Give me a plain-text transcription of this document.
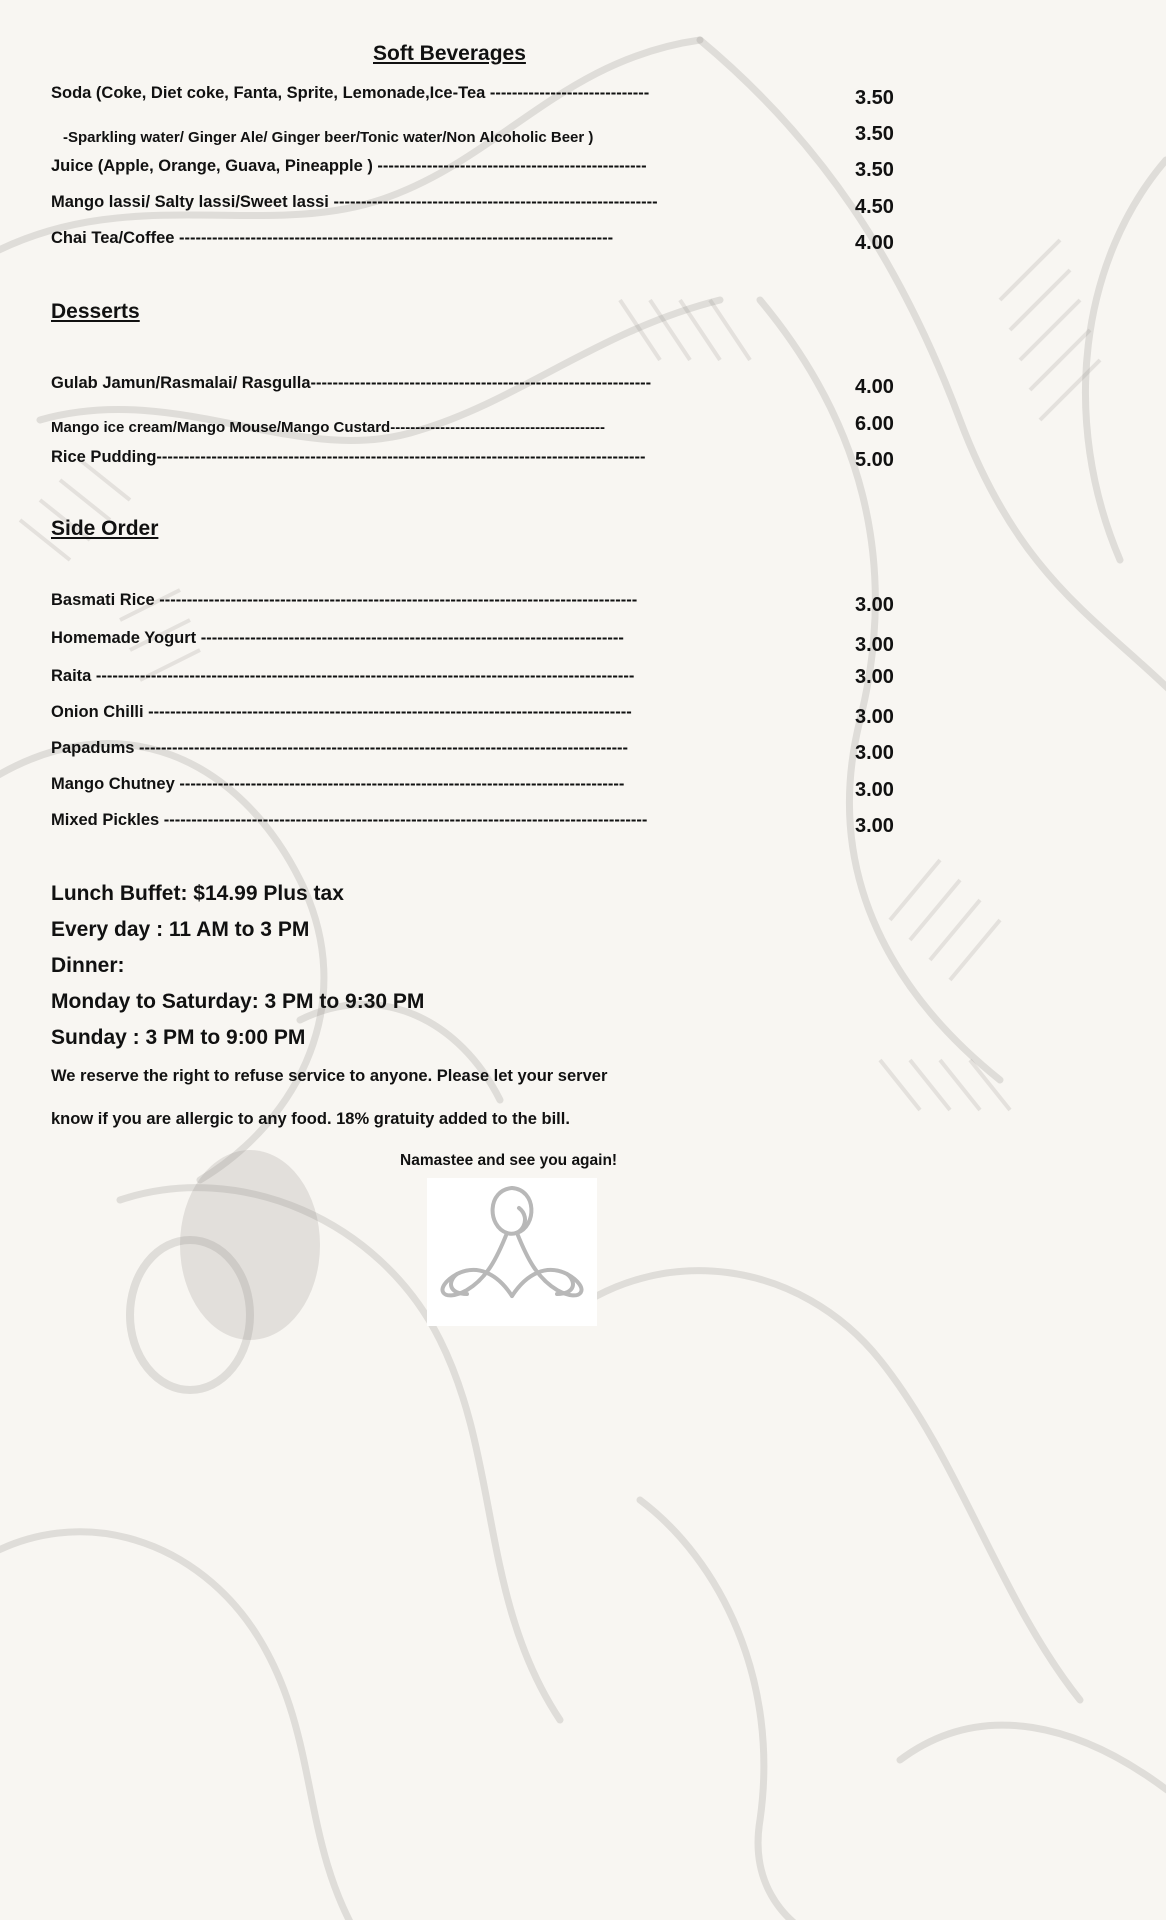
Soft Beverages
Soda (Coke, Diet coke, Fanta, Sprite, Lemonade,Ice-Tea -----------------------------	3.50
-Sparkling water/ Ginger Ale/ Ginger beer/Tonic water/Non Alcoholic Beer )	3.50
Juice (Apple, Orange, Guava, Pineapple ) -------------------------------------------------	3.50
Mango lassi/ Salty lassi/Sweet lassi -----------------------------------------------------------	4.50
Chai Tea/Coffee -------------------------------------------------------------------------------	4.00
Desserts
Gulab Jamun/Rasmalai/ Rasgulla--------------------------------------------------------------	4.00
Mango ice cream/Mango Mouse/Mango Custard-------------------------------------------	6.00
Rice Pudding-----------------------------------------------------------------------------------------	5.00
Side Order
Basmati Rice ---------------------------------------------------------------------------------------	3.00
Homemade Yogurt -----------------------------------------------------------------------------	3.00
Raita --------------------------------------------------------------------------------------------------	3.00
Onion Chilli ----------------------------------------------------------------------------------------	3.00
Papadums -----------------------------------------------------------------------------------------	3.00
Mango Chutney ---------------------------------------------------------------------------------	3.00
Mixed Pickles ----------------------------------------------------------------------------------------	3.00
Lunch Buffet: $14.99 Plus tax
Every day : 11 AM to 3 PM
Dinner:
Monday to Saturday: 3 PM to 9:30 PM
Sunday : 3 PM to 9:00 PM
We reserve the right to refuse service to anyone. Please let your server
know if you are allergic to any food. 18% gratuity added to the bill.
Namastee and see you again!
